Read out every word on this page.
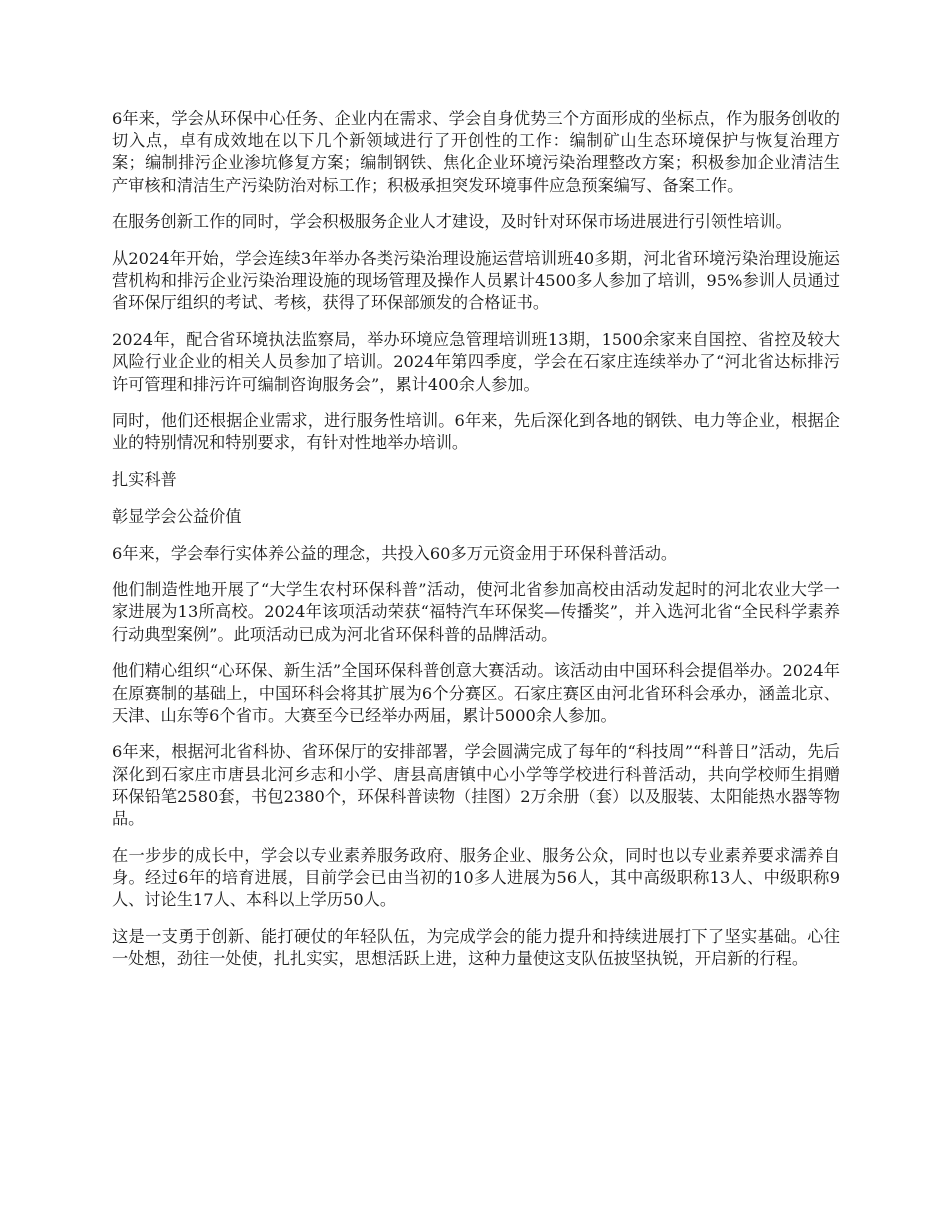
6年来，学会从环保中心任务、企业内在需求、学会自身优势三个方面形成的坐标点，作为服务创收的切入点，卓有成效地在以下几个新领域进行了开创性的工作：编制矿山生态环境保护与恢复治理方案；编制排污企业渗坑修复方案；编制钢铁、焦化企业环境污染治理整改方案；积极参加企业清洁生产审核和清洁生产污染防治对标工作；积极承担突发环境事件应急预案编写、备案工作。

在服务创新工作的同时，学会积极服务企业人才建设，及时针对环保市场进展进行引领性培训。

从2024年开始，学会连续3年举办各类污染治理设施运营培训班40多期，河北省环境污染治理设施运营机构和排污企业污染治理设施的现场管理及操作人员累计4500多人参加了培训，95%参训人员通过省环保厅组织的考试、考核，获得了环保部颁发的合格证书。

2024年，配合省环境执法监察局，举办环境应急管理培训班13期，1500余家来自国控、省控及较大风险行业企业的相关人员参加了培训。2024年第四季度，学会在石家庄连续举办了“河北省达标排污许可管理和排污许可编制咨询服务会”，累计400余人参加。

同时，他们还根据企业需求，进行服务性培训。6年来，先后深化到各地的钢铁、电力等企业，根据企业的特别情况和特别要求，有针对性地举办培训。

扎实科普

彰显学会公益价值

6年来，学会奉行实体养公益的理念，共投入60多万元资金用于环保科普活动。

他们制造性地开展了“大学生农村环保科普”活动，使河北省参加高校由活动发起时的河北农业大学一家进展为13所高校。2024年该项活动荣获“福特汽车环保奖—传播奖”，并入选河北省“全民科学素养行动典型案例”。此项活动已成为河北省环保科普的品牌活动。

他们精心组织“心环保、新生活”全国环保科普创意大赛活动。该活动由中国环科会提倡举办。2024年在原赛制的基础上，中国环科会将其扩展为6个分赛区。石家庄赛区由河北省环科会承办，涵盖北京、天津、山东等6个省市。大赛至今已经举办两届，累计5000余人参加。

6年来，根据河北省科协、省环保厅的安排部署，学会圆满完成了每年的“科技周”“科普日”活动，先后深化到石家庄市唐县北河乡志和小学、唐县高唐镇中心小学等学校进行科普活动，共向学校师生捐赠环保铅笔2580套，书包2380个，环保科普读物（挂图）2万余册（套）以及服装、太阳能热水器等物品。

在一步步的成长中，学会以专业素养服务政府、服务企业、服务公众，同时也以专业素养要求濡养自身。经过6年的培育进展，目前学会已由当初的10多人进展为56人，其中高级职称13人、中级职称9人、讨论生17人、本科以上学历50人。

这是一支勇于创新、能打硬仗的年轻队伍，为完成学会的能力提升和持续进展打下了坚实基础。心往一处想，劲往一处使，扎扎实实，思想活跃上进，这种力量使这支队伍披坚执锐，开启新的行程。
